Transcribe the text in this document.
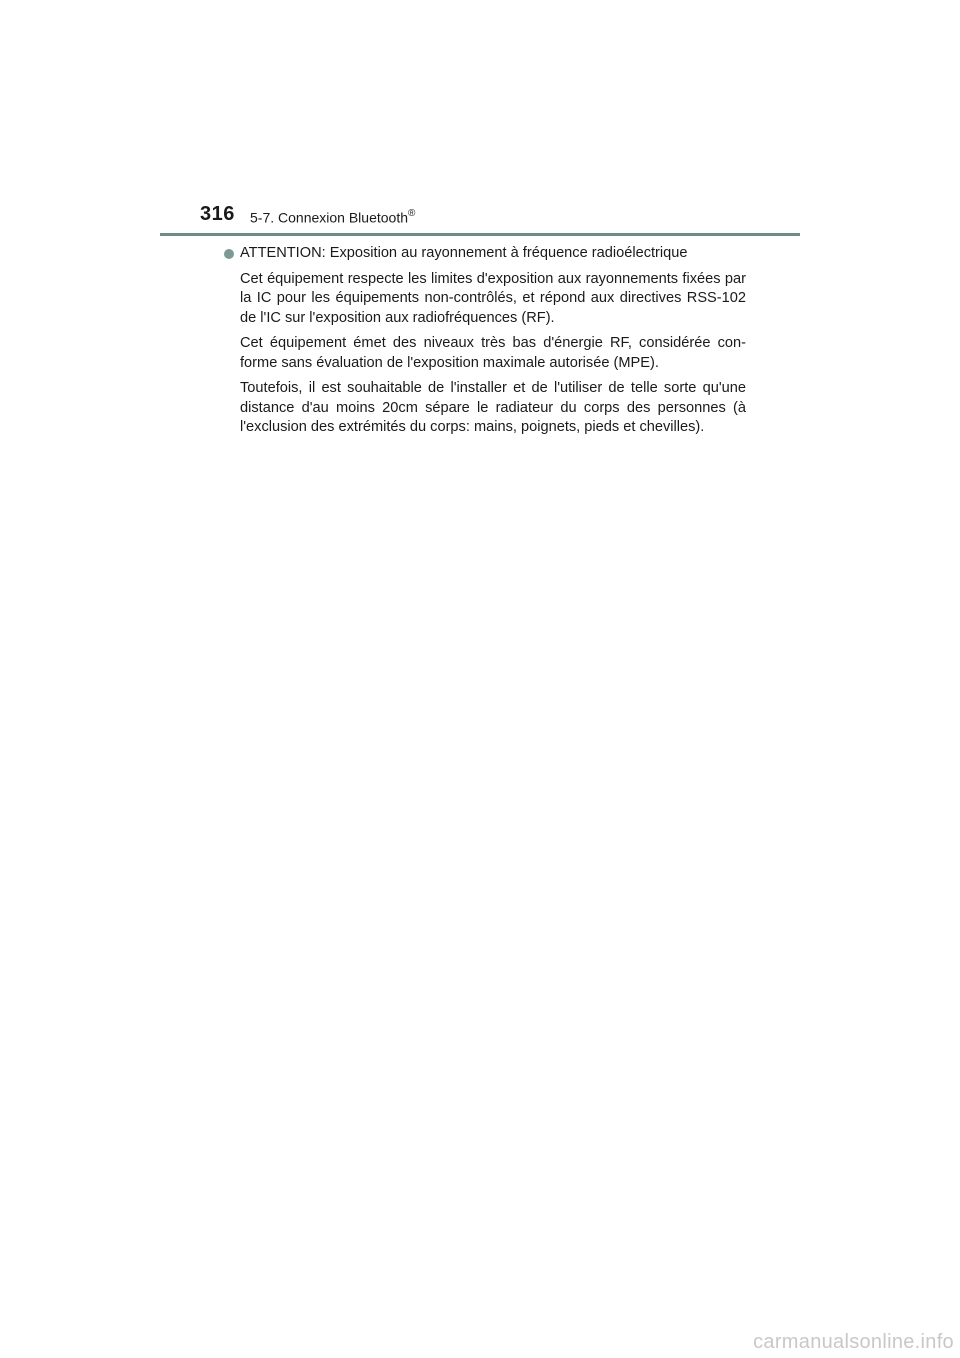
316 5-7. Connexion Bluetooth®

ATTENTION: Exposition au rayonnement à fréquence radioélectrique

Cet équipement respecte les limites d'exposition aux rayonnements fixées par la IC pour les équipements non-contrôlés, et répond aux directives RSS-102 de l'IC sur l'exposition aux radiofréquences (RF).

Cet équipement émet des niveaux très bas d'énergie RF, considérée con-forme sans évaluation de l'exposition maximale autorisée (MPE).

Toutefois, il est souhaitable de l'installer et de l'utiliser de telle sorte qu'une distance d'au moins 20cm sépare le radiateur du corps des personnes (à l'exclusion des extrémités du corps: mains, poignets, pieds et chevilles).

carmanualsonline.info
